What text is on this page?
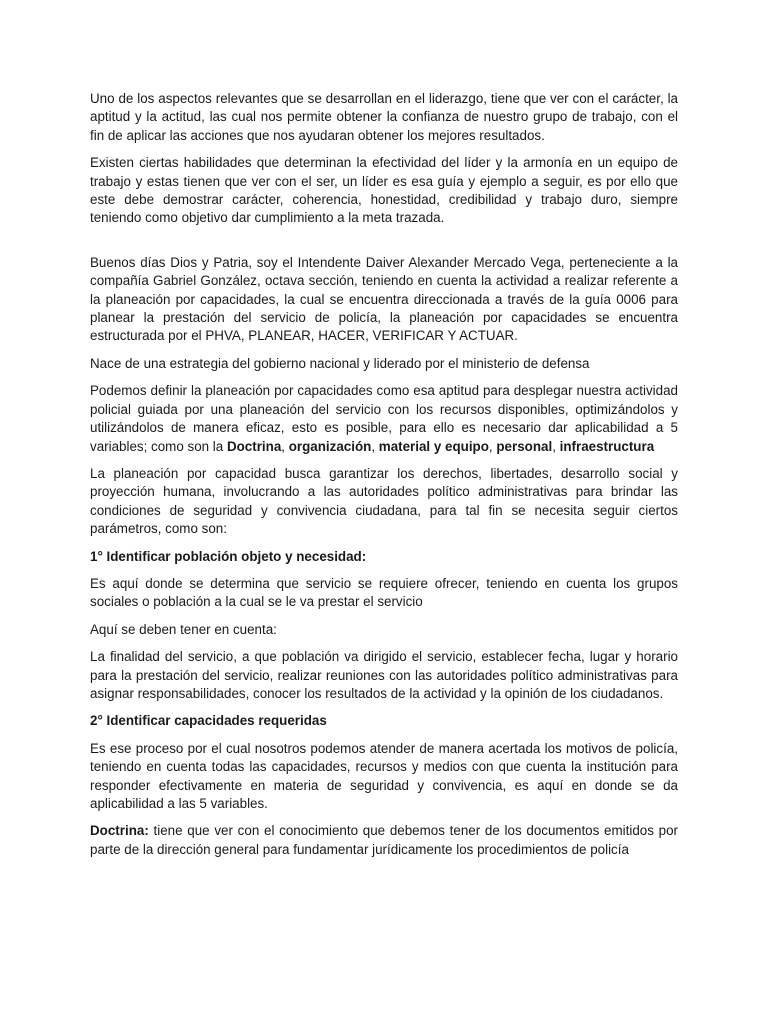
Uno de los aspectos relevantes que se desarrollan en el liderazgo, tiene que ver con el carácter, la aptitud y la actitud, las cual nos permite obtener la confianza de nuestro grupo de trabajo, con el fin de aplicar las acciones que nos ayudaran obtener los mejores resultados.

Existen ciertas habilidades que determinan la efectividad del líder y la armonía en un equipo de trabajo y estas tienen que ver con el ser, un líder es esa guía y ejemplo a seguir, es por ello que este debe demostrar carácter, coherencia, honestidad, credibilidad y trabajo duro, siempre teniendo como objetivo dar cumplimiento a la meta trazada.

Buenos días Dios y Patria, soy el Intendente Daiver Alexander Mercado Vega, perteneciente a la compañía Gabriel González, octava sección, teniendo en cuenta la actividad a realizar referente a la planeación por capacidades, la cual se encuentra direccionada a través de la guía 0006 para planear la prestación del servicio de policía, la planeación por capacidades se encuentra estructurada por el PHVA, PLANEAR, HACER, VERIFICAR Y ACTUAR.

Nace de una estrategia del gobierno nacional y liderado por el ministerio de defensa

Podemos definir la planeación por capacidades como esa aptitud para desplegar nuestra actividad policial guiada por una planeación del servicio con los recursos disponibles, optimizándolos y utilizándolos de manera eficaz, esto es posible, para ello es necesario dar aplicabilidad a 5 variables; como son la Doctrina, organización, material y equipo, personal, infraestructura

La planeación por capacidad busca garantizar los derechos, libertades, desarrollo social y proyección humana, involucrando a las autoridades político administrativas para brindar las condiciones de seguridad y convivencia ciudadana, para tal fin se necesita seguir ciertos parámetros, como son:

1° Identificar población objeto y necesidad:

Es aquí donde se determina que servicio se requiere ofrecer, teniendo en cuenta los grupos sociales o población a la cual se le va prestar el servicio

Aquí se deben tener en cuenta:

La finalidad del servicio, a que población va dirigido el servicio, establecer fecha, lugar y horario para la prestación del servicio, realizar reuniones con las autoridades político administrativas para asignar responsabilidades, conocer los resultados de la actividad y la opinión de los ciudadanos.

2° Identificar capacidades requeridas

Es ese proceso por el cual nosotros podemos atender de manera acertada los motivos de policía, teniendo en cuenta todas las capacidades, recursos y medios con que cuenta la institución para responder efectivamente en materia de seguridad y convivencia, es aquí en donde se da aplicabilidad a las 5 variables.

Doctrina: tiene que ver con el conocimiento que debemos tener de los documentos emitidos por parte de la dirección general para fundamentar jurídicamente los procedimientos de policía
